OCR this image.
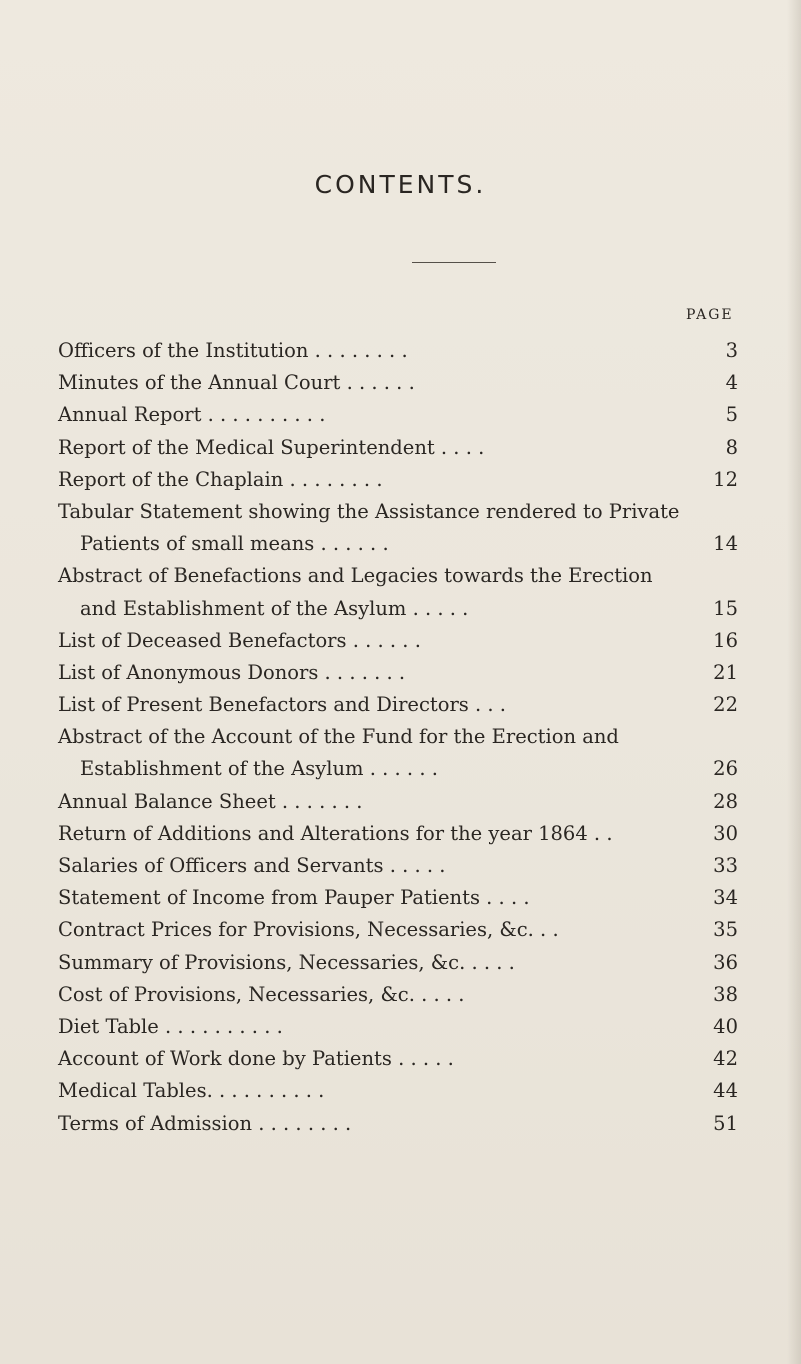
CONTENTS.
PAGE
Officers of the Institution . . . . . . . .	3
Minutes of the Annual Court . . . . . .	4
Annual Report . . . . . . . . . .	5
Report of the Medical Superintendent . . . .	8
Report of the Chaplain . . . . . . . .	12
Tabular Statement showing the Assistance rendered to Private
Patients of small means . . . . . .	14
Abstract of Benefactions and Legacies towards the Erection
and Establishment of the Asylum . . . . .	15
List of Deceased Benefactors . . . . . .	16
List of Anonymous Donors . . . . . . .	21
List of Present Benefactors and Directors . . .	22
Abstract of the Account of the Fund for the Erection and
Establishment of the Asylum . . . . . .	26
Annual Balance Sheet . . . . . . .	28
Return of Additions and Alterations for the year 1864 . .	30
Salaries of Officers and Servants . . . . .	33
Statement of Income from Pauper Patients . . . .	34
Contract Prices for Provisions, Necessaries, &c. . .	35
Summary of Provisions, Necessaries, &c. . . . .	36
Cost of Provisions, Necessaries, &c. . . . .	38
Diet Table . . . . . . . . . .	40
Account of Work done by Patients . . . . .	42
Medical Tables. . . . . . . . . .	44
Terms of Admission . . . . . . . .	51
